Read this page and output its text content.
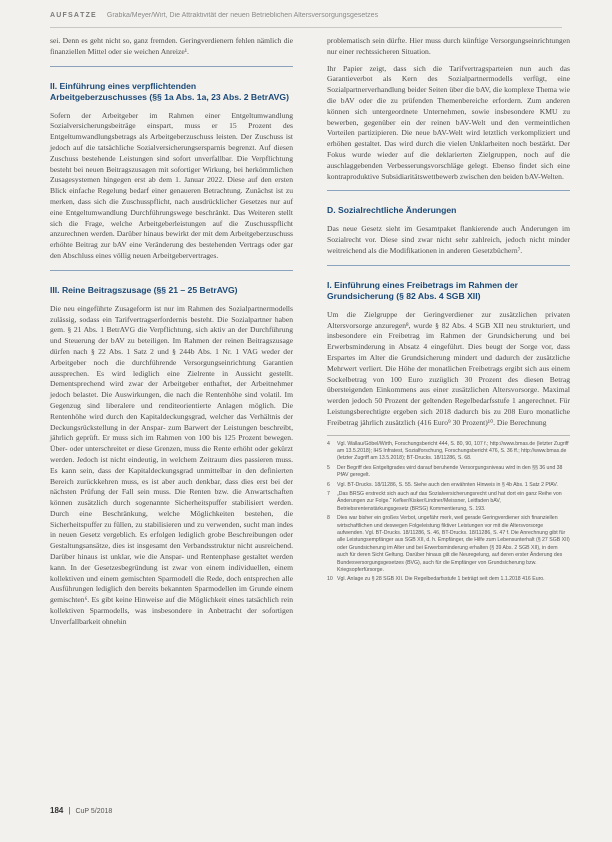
AUFSÄTZE Grabka/Meyer/Wirt, Die Attraktivität der neuen Betrieblichen Altersversorgungsgesetzes

sei. Denn es geht nicht so, ganz fremden. Geringverdienern fehlen nämlich die finanziellen Mittel oder sie weichen Anreize¹.

II. Einführung eines verpflichtenden Arbeitgeberzuschusses (§§ 1a Abs. 1a, 23 Abs. 2 BetrAVG)

Sofern der Arbeitgeber im Rahmen einer Entgeltumwandlung Sozialversicherungsbeiträge einspart, muss er 15 Prozent des Entgeltumwandlungsbetrags als Arbeitgeberzuschuss leisten. Der Zuschuss ist jedoch auf die tatsächliche Sozialversicherungsersparnis begrenzt. Auf diesen Zuschuss bestehende Leistungen sind sofort unverfallbar. Die Verpflichtung besteht bei neuen Beitragszusagen mit sofortiger Wirkung, bei herkömmlichen Zusagesystemen hingegen erst ab dem 1. Januar 2022. Diese auf den ersten Blick einfache Regelung bedarf einer genaueren Betrachtung. Zunächst ist zu merken, dass sich die Zuschusspflicht, nach ausdrücklicher Gesetzes nur auf eine Entgeltumwandlung Durchführungswege beschränkt. Das Weiteren stellt sich die Frage, welche Arbeitgeberleistungen auf die Zuschusspflicht anzurechnen werden. Darüber hinaus bewirkt der mit dem Arbeitgeberzuschuss erhöhte Beitrag zur bAV eine Veränderung des bestehenden Vertrags oder gar den Abschluss eines völlig neuen Arbeitgebervertrages.

III. Reine Beitragszusage (§§ 21 – 25 BetrAVG)

Die neu eingeführte Zusageform ist nur im Rahmen des Sozialpartnermodells zulässig, sodass ein Tarifvertragserfordernis besteht. Die Sozialpartner haben gem. § 21 Abs. 1 BetrAVG die Verpflichtung, sich aktiv an der Durchführung und Steuerung der bAV zu beteiligen. Im Rahmen der reinen Beitragszusage dürfen nach § 22 Abs. 1 Satz 2 und § 244b Abs. 1 Nr. 1 VAG weder der Arbeitgeber noch die durchführende Versorgungseinrichtung Garantien aussprechen. Es wird lediglich eine Zielrente in Aussicht gestellt. Dementsprechend wird zwar der Arbeitgeber enthaftet, der Arbeitnehmer jedoch belastet. Die Auswirkungen, die nach die Rentenhöhe sind volatil. Im Gegenzug sind liberalere und renditeorientierte Anlagen möglich. Die Rentenhöhe wird durch den Kapitaldeckungsgrad, welcher das Verhältnis der Deckungsrückstellung in der Anspar- zum Barwert der Leistungen beschreibt, jährlich geprüft. Er muss sich im Rahmen von 100 bis 125 Prozent bewegen. Über- oder unterschreitet er diese Grenzen, muss die Rente erhöht oder gekürzt werden. Jedoch ist nicht eindeutig, in welchem Zeitraum dies passieren muss. Es kann sein, dass der Kapitaldeckungsgrad unmittelbar in den definierten Bereich zurückkehren muss, es ist aber auch denkbar, dass dies erst bei der nächsten Prüfung der Fall sein muss. Die Renten bzw. die Anwartschaften können zusätzlich durch sogenannte Sicherheitspuffer stabilisiert werden. Durch eine Beschränkung, welche Möglichkeiten bestehen, die Sicherheitspuffer zu füllen, zu stabilisieren und zu verwenden, sucht man indes in neuen Gesetz vergeblich. Es erfolgen lediglich grobe Beschreibungen oder Gestaltungsansätze, dies ist insgesamt den Verbandsstruktur nicht ausreichend. Darüber hinaus ist unklar, wie die Anspar- und Rentenphase gestaltet werden kann. In der Gesetzesbegründung ist zwar von einem individuellen, einem kollektiven und einem gemischten Sparmodell die Rede, doch entsprechen alle Ausführungen lediglich den bereits bekannten Sparmodellen im Grunde einem gemischten⁶. Es gibt keine Hinweise auf die Möglichkeit eines tatsächlich rein kollektiven Sparmodells, was insbesondere in Anbetracht der sofortigen Unverfallbarkeit ohnehin

problematisch sein dürfte. Hier muss durch künftige Versorgungseinrichtungen nur einer rechtssicheren Situation.

Ihr Papier zeigt, dass sich die Tarifvertragsparteien nun auch das Garantieverbot als Kern des Sozialpartnermodells verfügt, eine Sozialpartnerverhandlung beider Seiten über die bAV, die komplexe Thema wie die bAV oder die zu prüfenden Themenbereiche erfordern. Zum anderen können sich untergeordnete Unternehmen, sowie insbesondere KMU zu bewerben, gegenüber ein der reinen bAV-Welt und den vermeintlichen Vorteilen partizipieren. Die neue bAV-Welt wird letztlich verkompliziert und erhöhen gestaltet. Das wird durch die vielen Unklarheiten noch bestärkt. Der Fokus wurde wieder auf die deklarierten Zielgruppen, noch auf die auschlaggebenden Verbesserungsvorschläge gelegt. Ebenso findet sich eine kontraproduktive Subsidiaritätswettbewerb zwischen den beiden bAV-Welten.

D. Sozialrechtliche Änderungen

Das neue Gesetz sieht im Gesamtpaket flankierende auch Änderungen im Sozialrecht vor. Diese sind zwar nicht sehr zahlreich, jedoch nicht minder weitreichend als die Modifikationen in anderen Gesetzbüchern⁷.

I. Einführung eines Freibetrags im Rahmen der Grundsicherung (§ 82 Abs. 4 SGB XII)

Um die Zielgruppe der Geringverdiener zur zusätzlichen privaten Altersvorsorge anzuregen⁸, wurde § 82 Abs. 4 SGB XII neu strukturiert, und insbesondere ein Freibetrag im Rahmen der Grundsicherung und bei Erwerbsminderung in Absatz 4 eingeführt. Dies beugt der Sorge vor, dass Erspartes im Alter die Grundsicherung mindert und dadurch der zusätzliche Mehrwert verliert. Die Höhe der monatlichen Freibetrags ergibt sich aus einem Sockelbetrag von 100 Euro zuzüglich 30 Prozent des diesen Betrag übersteigenden Einkommens aus einer zusätzlichen Altersvorsorge. Maximal werden jedoch 50 Prozent der geltenden Regelbedarfsstufe 1 angerechnet. Für Leistungsberechtigte ergeben sich 2018 dadurch bis zu 208 Euro monatliche Freibetrag jährlich zusätzlich (416 Euro⁹ 30 Prozent)¹⁰. Die Berechnung

4	Vgl. Wallau/Göbel/Wirth, Forschungsbericht 444, S. 80, 90, 107 f.; http://www.bmas.de (letzter Zugriff am 13.5.2018); IHS Infratest, Sozialforschung, Forschungsbericht 476, S. 36 ff.; http://www.bmas.de (letzter Zugriff am 13.5.2018); BT-Drucks. 18/11286, S. 68.
5	Der Begriff des Entgeltgrades wird darauf beruhende Versorgungsniveau wird in den §§ 36 und 38 PfAV geregelt.
6	Vgl. BT-Drucks. 18/11286, S. 55. Siehe auch den erwähnten Hinweis in § 4b Abs. 1 Satz 2 PfAV.
7	„Das BRSG erstreckt sich auch auf das Sozialversicherungsrecht und hat dort ein ganz Reihe von Änderungen zur Folge.“ Kefker/Kisker/Lindner/Meissner, Leitfaden bAV, Betriebsrentenstärkungsgesetz (BRSG) Kommentierung, S. 193.
8	Dies war bisher ein großes Verbot, ungefähr merk, weil gerade Geringverdiener sich finanziellen wirtschaftlichen und deswegen Folgeleistung fiktiver Leistungen vor mit die Altersvorsorge aufwenden. Vgl. BT-Drucks. 18/11286, S. 46, BT-Drucks. 18/11286, S. 47 f. Die Anrechnung gibt für alle Leistungsempfänger aus SGB XII, d. h. Empfänger, die Hilfe zum Lebensunterhalt (§ 27 SGB XII) oder Grundsicherung im Alter und bei Erwerbsminderung erhalten (§ 39 Abs. 2 SGB XII), in dem auch für deren Sicht Geltung. Darüber hinaus gilt die Neuregelung, auf deren erster Änderung des Bundesversorgungsgesetzes (BVG), auch für die Empfänger von Grundsicherung bzw. Kriegsopferfürsorge.
10 Vgl. Anlage zu § 28 SGB XII. Die Regelbedarfsstufe 1 beträgt seit dem 1.1.2018 416 Euro.
184 | CuP 5/2018
